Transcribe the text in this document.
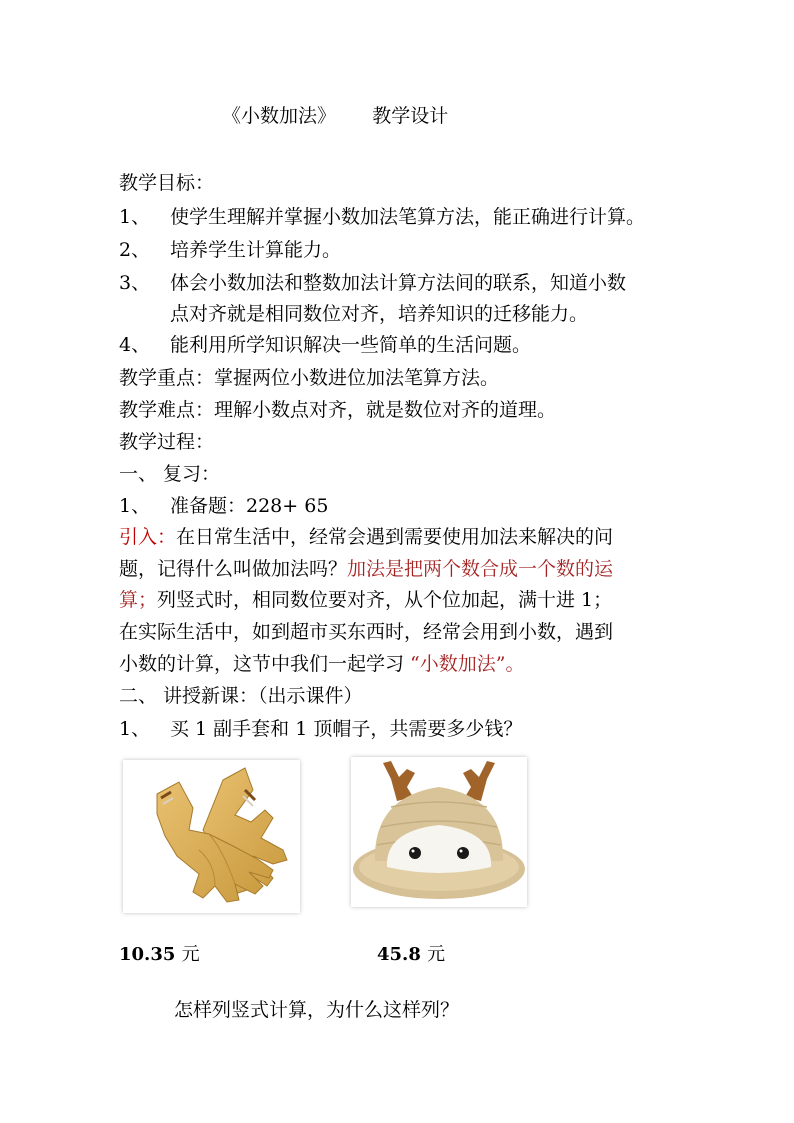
《小数加法》      教学设计
教学目标：
1、 使学生理解并掌握小数加法笔算方法，能正确进行计算。
2、 培养学生计算能力。
3、 体会小数加法和整数加法计算方法间的联系，知道小数
点对齐就是相同数位对齐，培养知识的迁移能力。
4、 能利用所学知识解决一些简单的生活问题。
教学重点：掌握两位小数进位加法笔算方法。
教学难点：理解小数点对齐，就是数位对齐的道理。
教学过程：
一、 复习：
1、 准备题：228+ 65
引入：在日常生活中，经常会遇到需要使用加法来解决的问
题，记得什么叫做加法吗？加法是把两个数合成一个数的运
算；列竖式时，相同数位要对齐，从个位加起，满十进 1；
在实际生活中，如到超市买东西时，经常会用到小数，遇到
小数的计算，这节中我们一起学习 “小数加法”。
二、 讲授新课：（出示课件）
1、 买 1 副手套和 1 顶帽子，共需要多少钱？
10.35 元	45.8 元
怎样列竖式计算，为什么这样列？
